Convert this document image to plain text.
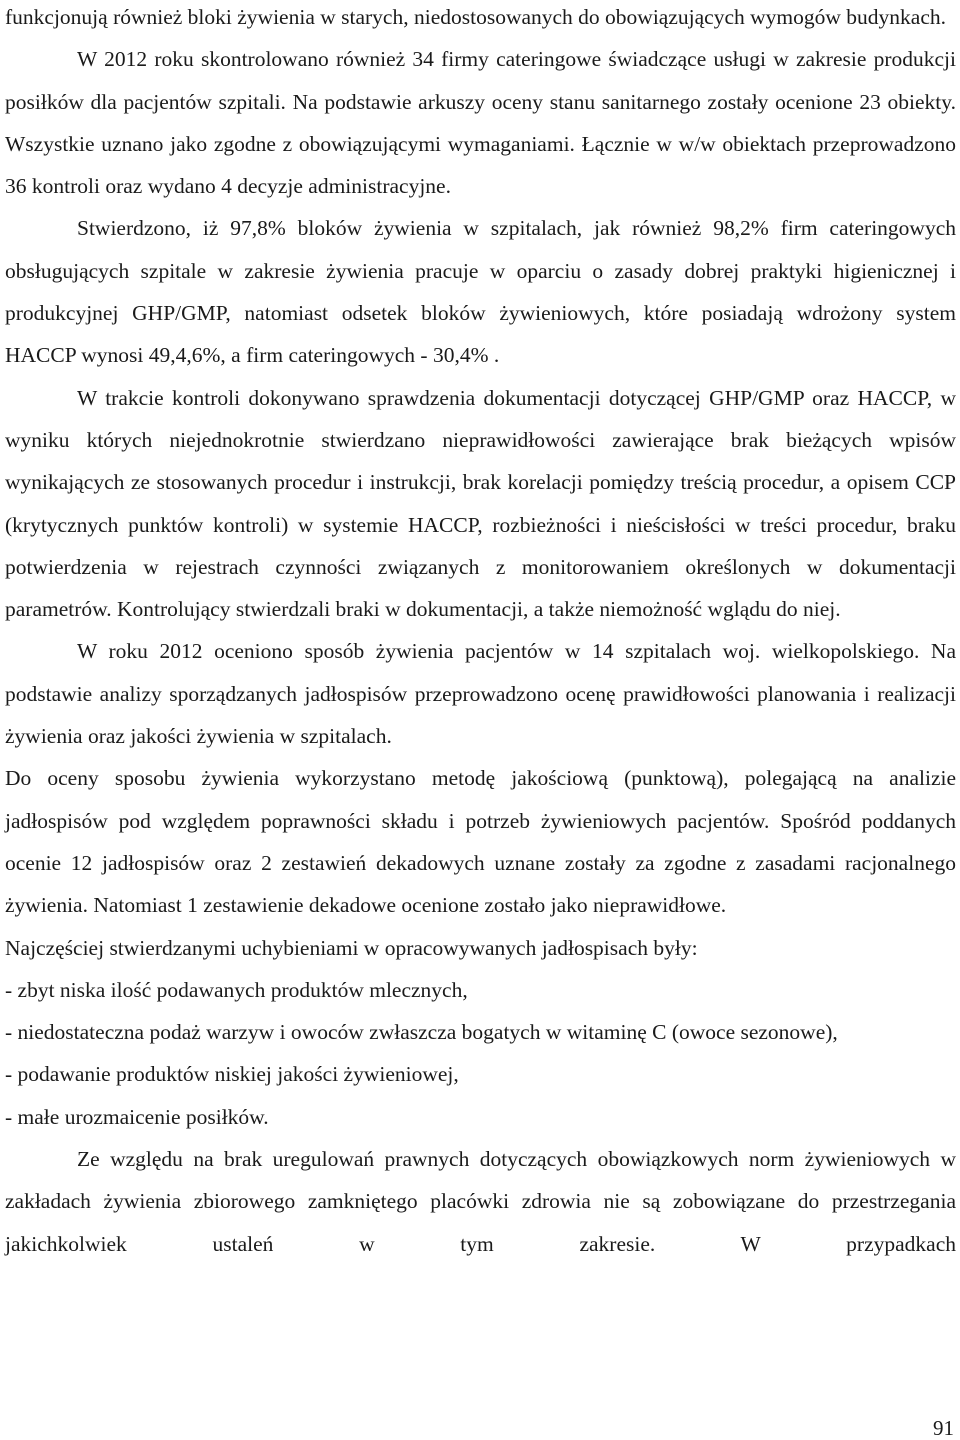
funkcjonują również bloki żywienia w starych, niedostosowanych do obowiązujących wymogów budynkach.

W 2012 roku skontrolowano również 34 firmy cateringowe świadczące usługi w zakresie produkcji posiłków dla pacjentów szpitali. Na podstawie arkuszy oceny stanu sanitarnego zostały ocenione 23 obiekty. Wszystkie uznano jako zgodne z obowiązującymi wymaganiami. Łącznie w w/w obiektach przeprowadzono 36 kontroli oraz wydano 4 decyzje administracyjne.

Stwierdzono, iż 97,8% bloków żywienia w szpitalach, jak również 98,2% firm cateringowych obsługujących szpitale w zakresie żywienia pracuje w oparciu o zasady dobrej praktyki higienicznej i produkcyjnej GHP/GMP, natomiast odsetek bloków żywieniowych, które posiadają wdrożony system HACCP wynosi 49,4,6%, a firm cateringowych - 30,4% .

W trakcie kontroli dokonywano sprawdzenia dokumentacji dotyczącej GHP/GMP oraz HACCP, w wyniku których niejednokrotnie stwierdzano nieprawidłowości zawierające brak bieżących wpisów wynikających ze stosowanych procedur i instrukcji, brak korelacji pomiędzy treścią procedur, a opisem CCP (krytycznych punktów kontroli) w systemie HACCP, rozbieżności i nieścisłości w treści procedur, braku potwierdzenia w rejestrach czynności związanych z monitorowaniem określonych w dokumentacji parametrów. Kontrolujący stwierdzali braki w dokumentacji, a także niemożność wglądu do niej.

W roku 2012 oceniono sposób żywienia pacjentów w 14 szpitalach woj. wielkopolskiego. Na podstawie analizy sporządzanych jadłospisów przeprowadzono ocenę prawidłowości planowania i realizacji żywienia oraz jakości żywienia w szpitalach.

Do oceny sposobu żywienia wykorzystano metodę jakościową (punktową), polegającą na analizie jadłospisów pod względem poprawności składu i potrzeb żywieniowych pacjentów. Spośród poddanych ocenie 12 jadłospisów oraz 2 zestawień dekadowych uznane zostały za zgodne z zasadami racjonalnego żywienia. Natomiast 1 zestawienie dekadowe ocenione zostało jako nieprawidłowe.

Najczęściej stwierdzanymi uchybieniami w opracowywanych jadłospisach były:

- zbyt niska ilość podawanych produktów mlecznych,

- niedostateczna podaż warzyw i owoców zwłaszcza bogatych w witaminę C (owoce sezonowe),

- podawanie produktów niskiej jakości żywieniowej,

- małe urozmaicenie posiłków.

Ze względu na brak uregulowań prawnych dotyczących obowiązkowych norm żywieniowych w zakładach żywienia zbiorowego zamkniętego placówki zdrowia nie są zobowiązane do przestrzegania jakichkolwiek ustaleń w tym zakresie. W przypadkach

91
